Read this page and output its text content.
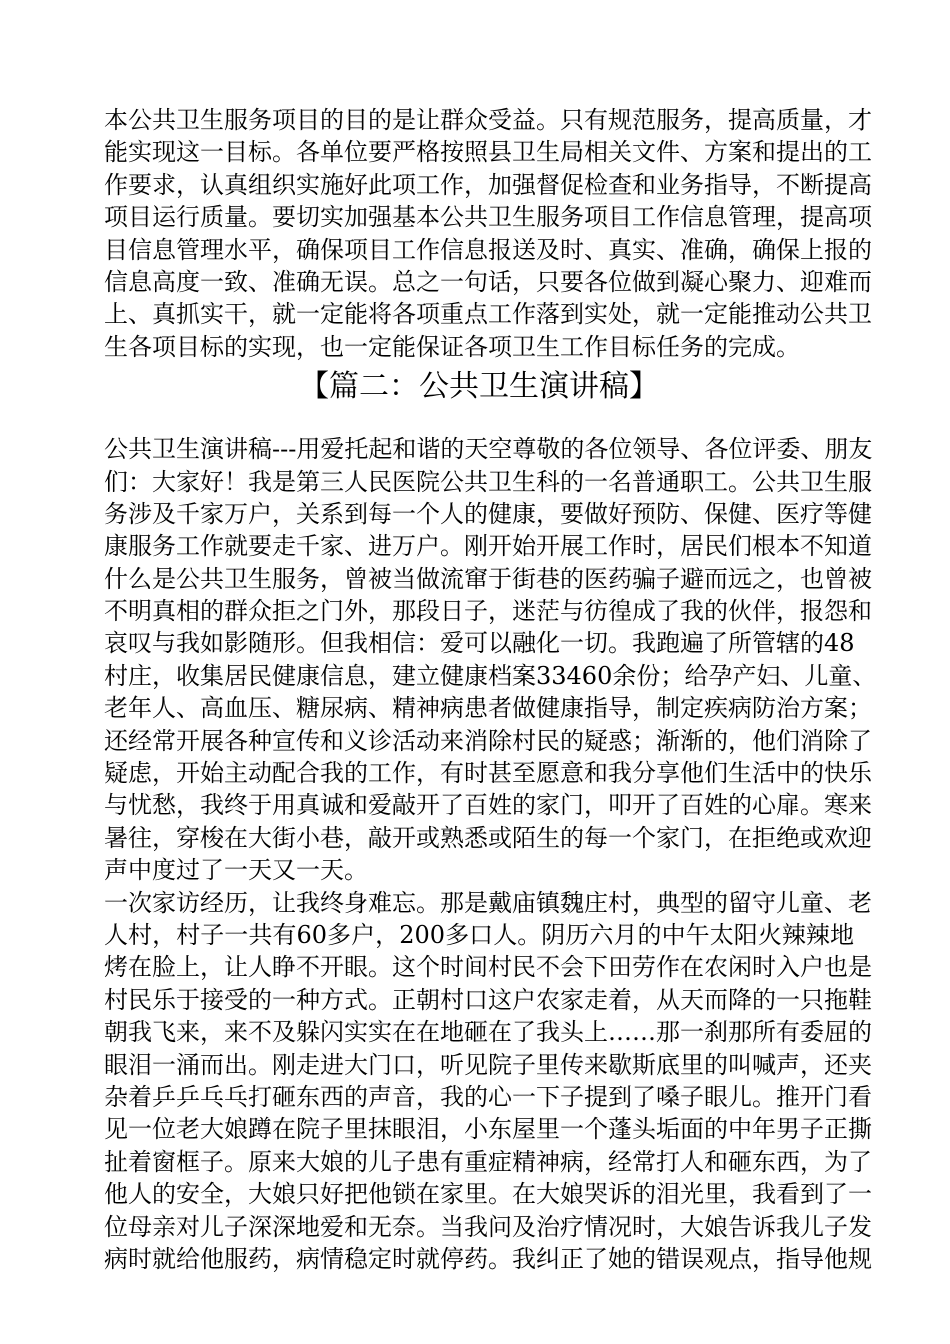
本公共卫生服务项目的目的是让群众受益。只有规范服务，提高质量，才
能实现这一目标。各单位要严格按照县卫生局相关文件、方案和提出的工
作要求，认真组织实施好此项工作，加强督促检查和业务指导，不断提高
项目运行质量。要切实加强基本公共卫生服务项目工作信息管理，提高项
目信息管理水平，确保项目工作信息报送及时、真实、准确，确保上报的
信息高度一致、准确无误。总之一句话，只要各位做到凝心聚力、迎难而
上、真抓实干，就一定能将各项重点工作落到实处，就一定能推动公共卫
生各项目标的实现，也一定能保证各项卫生工作目标任务的完成。
【篇二：公共卫生演讲稿】
公共卫生演讲稿---用爱托起和谐的天空尊敬的各位领导、各位评委、朋友
们：大家好！我是第三人民医院公共卫生科的一名普通职工。公共卫生服
务涉及千家万户，关系到每一个人的健康，要做好预防、保健、医疗等健
康服务工作就要走千家、进万户。刚开始开展工作时，居民们根本不知道
什么是公共卫生服务，曾被当做流窜于街巷的医药骗子避而远之，也曾被
不明真相的群众拒之门外，那段日子，迷茫与彷徨成了我的伙伴，报怨和
哀叹与我如影随形。但我相信：爱可以融化一切。我跑遍了所管辖的48
村庄，收集居民健康信息，建立健康档案33460余份；给孕产妇、儿童、
老年人、高血压、糖尿病、精神病患者做健康指导，制定疾病防治方案；
还经常开展各种宣传和义诊活动来消除村民的疑惑；渐渐的，他们消除了
疑虑，开始主动配合我的工作，有时甚至愿意和我分享他们生活中的快乐
与忧愁，我终于用真诚和爱敲开了百姓的家门，叩开了百姓的心扉。寒来
暑往，穿梭在大街小巷，敲开或熟悉或陌生的每一个家门，在拒绝或欢迎
声中度过了一天又一天。
一次家访经历，让我终身难忘。那是戴庙镇魏庄村，典型的留守儿童、老
人村，村子一共有60多户，200多口人。阴历六月的中午太阳火辣辣地
烤在脸上，让人睁不开眼。这个时间村民不会下田劳作在农闲时入户也是
村民乐于接受的一种方式。正朝村口这户农家走着，从天而降的一只拖鞋
朝我飞来，来不及躲闪实实在在地砸在了我头上……那一刹那所有委屈的
眼泪一涌而出。刚走进大门口，听见院子里传来歇斯底里的叫喊声，还夹
杂着乒乒乓乓打砸东西的声音，我的心一下子提到了嗓子眼儿。推开门看
见一位老大娘蹲在院子里抹眼泪，小东屋里一个蓬头垢面的中年男子正撕
扯着窗框子。原来大娘的儿子患有重症精神病，经常打人和砸东西，为了
他人的安全，大娘只好把他锁在家里。在大娘哭诉的泪光里，我看到了一
位母亲对儿子深深地爱和无奈。当我问及治疗情况时，大娘告诉我儿子发
病时就给他服药，病情稳定时就停药。我纠正了她的错误观点，指导他规
